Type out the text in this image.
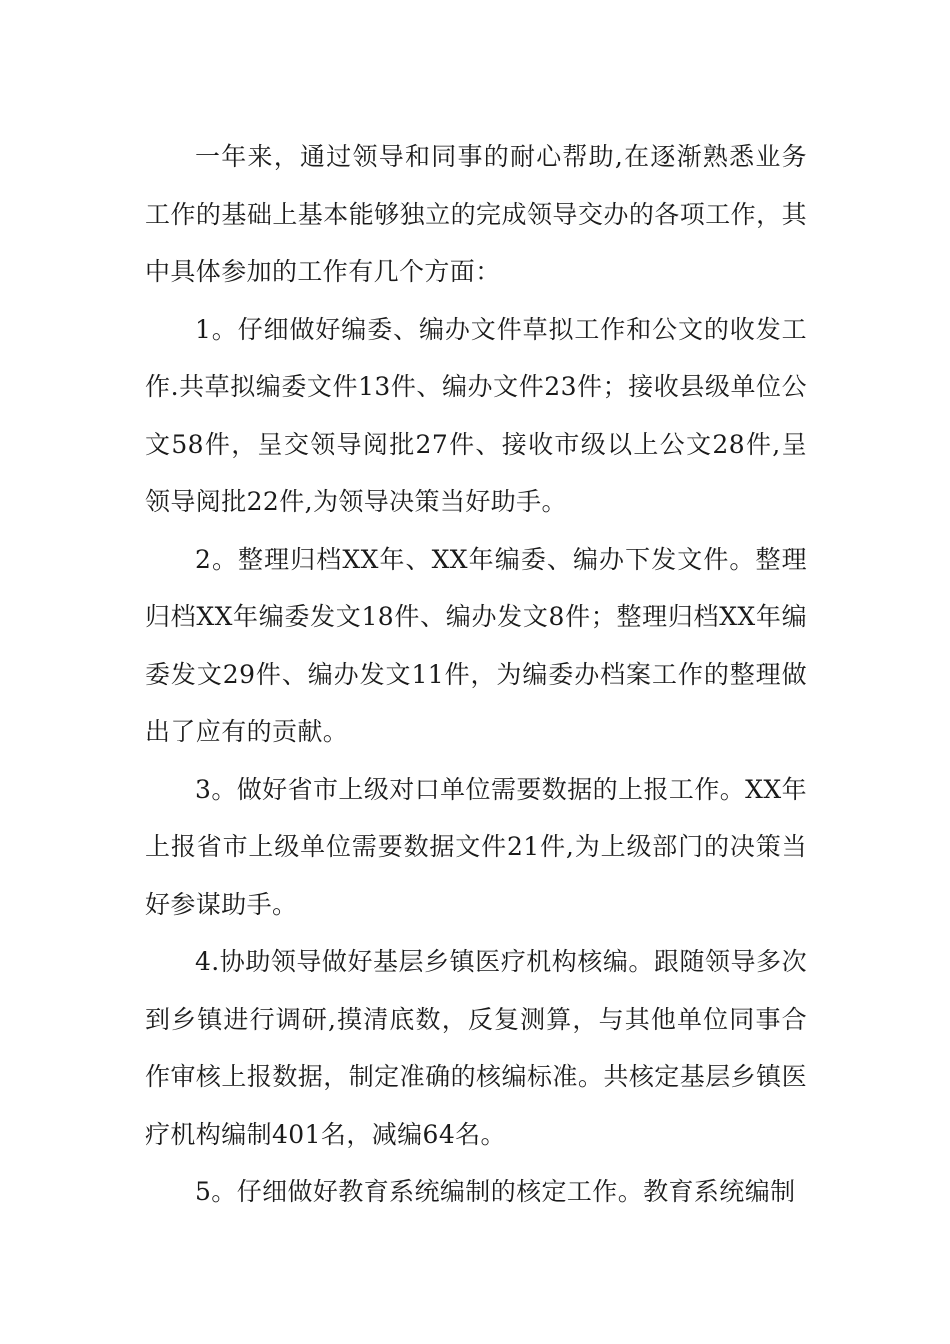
一年来，通过领导和同事的耐心帮助,在逐渐熟悉业务工作的基础上基本能够独立的完成领导交办的各项工作，其中具体参加的工作有几个方面：

1。仔细做好编委、编办文件草拟工作和公文的收发工作.共草拟编委文件13件、编办文件23件；接收县级单位公文58件，呈交领导阅批27件、接收市级以上公文28件,呈领导阅批22件,为领导决策当好助手。

2。整理归档XX年、XX年编委、编办下发文件。整理归档XX年编委发文18件、编办发文8件；整理归档XX年编委发文29件、编办发文11件，为编委办档案工作的整理做出了应有的贡献。

3。做好省市上级对口单位需要数据的上报工作。XX年上报省市上级单位需要数据文件21件,为上级部门的决策当好参谋助手。

4.协助领导做好基层乡镇医疗机构核编。跟随领导多次到乡镇进行调研,摸清底数，反复测算，与其他单位同事合作审核上报数据，制定准确的核编标准。共核定基层乡镇医疗机构编制401名，减编64名。

5。仔细做好教育系统编制的核定工作。教育系统编制
